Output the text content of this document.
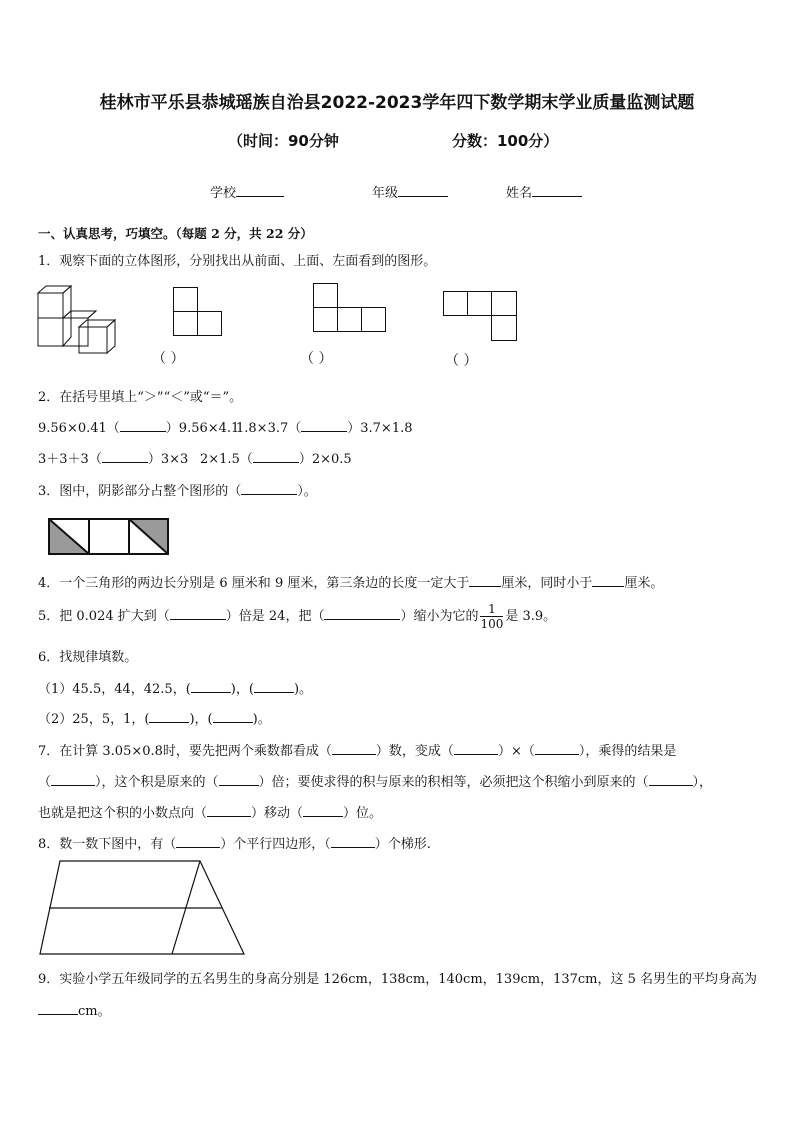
桂林市平乐县恭城瑶族自治县2022-2023学年四下数学期末学业质量监测试题
（时间：90分钟	分数：100分）
学校	年级	姓名
一、认真思考，巧填空。（每题 2 分，共 22 分）
1．观察下面的立体图形，分别找出从前面、上面、左面看到的图形。
（ ）	（ ）	（ ）
2．在括号里填上“＞”“＜”或“＝”。
9.56×0.41（	）9.56×4.1
1.8×3.7（	）3.7×1.8
3＋3＋3（	）3×3 2×1.5（	）2×0.5
3．图中，阴影部分占整个图形的（	）。
4．一个三角形的两边长分别是 6 厘米和 9 厘米，第三条边的长度一定大于 厘米，同时小于 厘米。
5．把 0.024 扩大到（	）倍是 24，把（	）缩小为它的 $\frac{1}{100}$ 是 3.9。
6．找规律填数。
（1）45.5，44，42.5，(	)，(	)。
（2）25，5，1，(	)，(	)。
7．在计算 3.05×0.8时，要先把两个乘数都看成（	）数，变成（	）×（	），乘得的结果是
（	），这个积是原来的（	）倍；要使求得的积与原来的积相等，必须把这个积缩小到原来的（	），
也就是把这个积的小数点向（	）移动（	）位。
8．数一数下图中，有（	）个平行四边形，（	）个梯形.
9．实验小学五年级同学的五名男生的身高分别是 126cm，138cm，140cm，139cm，137cm，这 5 名男生的平均身高为
cm。
